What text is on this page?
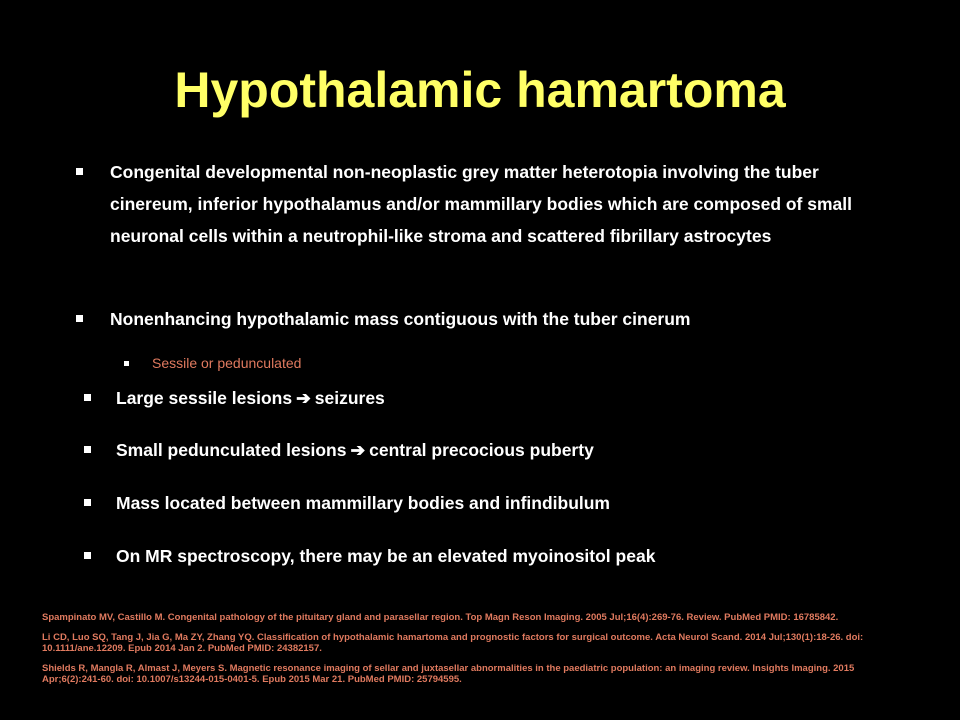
Hypothalamic hamartoma
Congenital developmental non-neoplastic grey matter heterotopia involving the tuber cinereum, inferior hypothalamus and/or mammillary bodies which are composed of small neuronal cells within a neutrophil-like stroma and scattered fibrillary astrocytes
Nonenhancing hypothalamic mass contiguous with the tuber cinerum
Sessile or pedunculated
Large sessile lesions ➔ seizures
Small pedunculated lesions ➔ central precocious puberty
Mass located between mammillary bodies and infindibulum
On MR spectroscopy, there may be an elevated myoinositol peak

Spampinato MV, Castillo M. Congenital pathology of the pituitary gland and parasellar region. Top Magn Reson Imaging. 2005 Jul;16(4):269-76. Review. PubMed PMID: 16785842.

Li CD, Luo SQ, Tang J, Jia G, Ma ZY, Zhang YQ. Classification of hypothalamic hamartoma and prognostic factors for surgical outcome. Acta Neurol Scand. 2014 Jul;130(1):18-26. doi: 10.1111/ane.12209. Epub 2014 Jan 2. PubMed PMID: 24382157.

Shields R, Mangla R, Almast J, Meyers S. Magnetic resonance imaging of sellar and juxtasellar abnormalities in the paediatric population: an imaging review. Insights Imaging. 2015 Apr;6(2):241-60. doi: 10.1007/s13244-015-0401-5. Epub 2015 Mar 21. PubMed PMID: 25794595.
